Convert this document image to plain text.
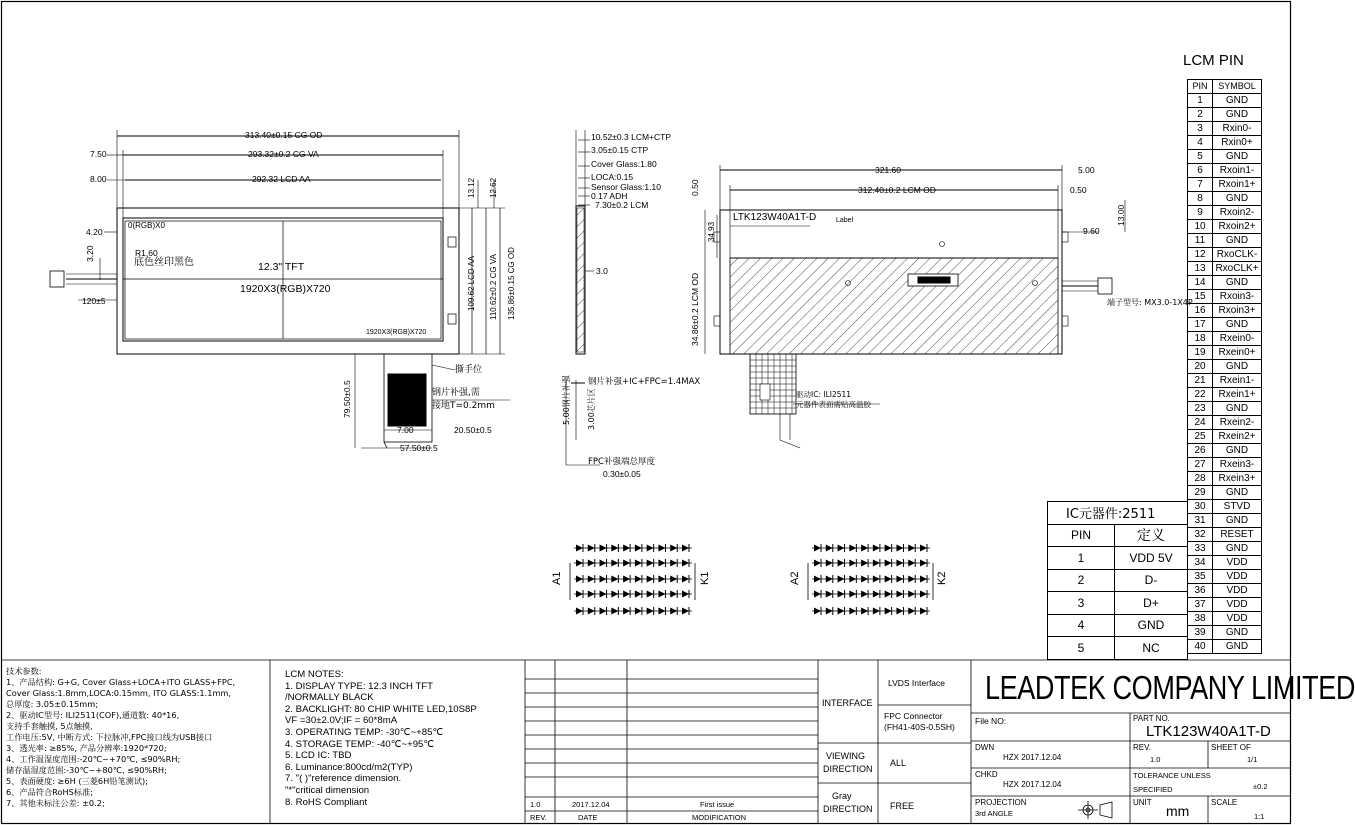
313.40±0.15 CG OD
293.32±0.2 CG VA
292.32 LCD AA
7.50
8.00
4.20
3.20	R1.60
120±5
0(RGB)X0
底色丝印黑色	12.3" TFT
1920X3(RGB)X720
1920X3(RGB)X720
13.12 12.62
109.62 LCD AA 110.62±0.2 CG VA 135.86±0.15 CG OD
撕手位
钢片补强,需
接地T=0.2mm
79.50±0.5
7.00	20.50±0.5
57.50±0.5
10.52±0.3 LCM+CTP
3.05±0.15 CTP
Cover Glass:1.80
LOCA:0.15
Sensor Glass:1.10
0.17 ADH
7.30±0.2 LCM
3.0
钢片补强+IC+FPC=1.4MAX
5.00钢片补强 3.00芯片区
FPC补强端总厚度
0.30±0.05
321.60	5.00
312.40±0.2 LCM OD	0.50
0.50
LTK123W40A1T-D	Label
34.93	9.60
13.00
34.86±0.2 LCM OD	端子型号: MX3.0-1X4P
驱动IC: ILI2511
元器件表面需贴高温胶
A1	K1	A2	K2
LCM PIN
PIN	SYMBOL
1	GND
2	GND
3	Rxin0-
4	Rxin0+
5	GND
6	Rxoin1-
7	Rxoin1+
8	GND
9	Rxoin2-
10	Rxoin2+
11	GND
12	RxoCLK-
13	RxoCLK+
14	GND
15	Rxoin3-
16	Rxoin3+
17	GND
18	Rxein0-
19	Rxein0+
20	GND
21	Rxein1-
22	Rxein1+
23	GND
24	Rxein2-
25	Rxein2+
26	GND
27	Rxein3-
28	Rxein3+
29	GND
30	STVD
31	GND
32	RESET
33	GND
34	VDD
35	VDD
36	VDD
37	VDD
38	VDD
39	GND
40	GND
IC元器件:2511	
PIN	定义
1	VDD 5V
2	D-
3	D+
4	GND
5	NC
技术参数:
1、产品结构: G+G, Cover Glass+LOCA+ITO GLASS+FPC,
Cover Glass:1.8mm,LOCA:0.15mm, ITO GLASS:1.1mm,
总厚度: 3.05±0.15mm;
2、驱动IC型号: ILI2511(COF),通道数: 40*16,
支持手套触摸, 5点触摸,
工作电压:5V, 中断方式: 下拉脉冲,FPC接口线为USB接口
3、透光率: ≥85%, 产品分辨率:1920*720;
4、工作温湿度范围:-20℃~+70℃, ≤90%RH;
储存温湿度范围:-30℃~+80℃, ≤90%RH;
5、表面硬度: ≥6H (三菱6H铅笔测试);
6、产品符合RoHS标准;
7、其他未标注公差: ±0.2;
LCM NOTES:
1. DISPLAY TYPE: 12.3 INCH TFT
/NORMALLY BLACK
2. BACKLIGHT: 80 CHIP WHITE LED,10S8P
VF =30±2.0V;IF = 60*8mA
3. OPERATING TEMP: -30℃~+85℃
4. STORAGE TEMP: -40℃~+95℃
5. LCD IC: TBD
6. Luminance:800cd/m2(TYP)
7. "( )"reference dimension.
"*"critical dimension
8. RoHS Compliant	1.0	2017.12.04	First issue
REV.	DATE	MODIFICATION
INTERFACE
LVDS Interface
FPC Connector
(FH41-40S-0.5SH)
VIEWING
DIRECTION
ALL
Gray
DIRECTION FREE
LEADTEK COMPANY LIMITED
File NO:	PART NO.
LTK123W40A1T-D
DWN
HZX 2017.12.04
REV.
1.0
SHEET OF
1/1
CHKD
HZX 2017.12.04
TOLERANCE UNLESS
SPECIFIED	±0.2
PROJECTION
3rd ANGLE
UNIT
mm
SCALE
1:1
